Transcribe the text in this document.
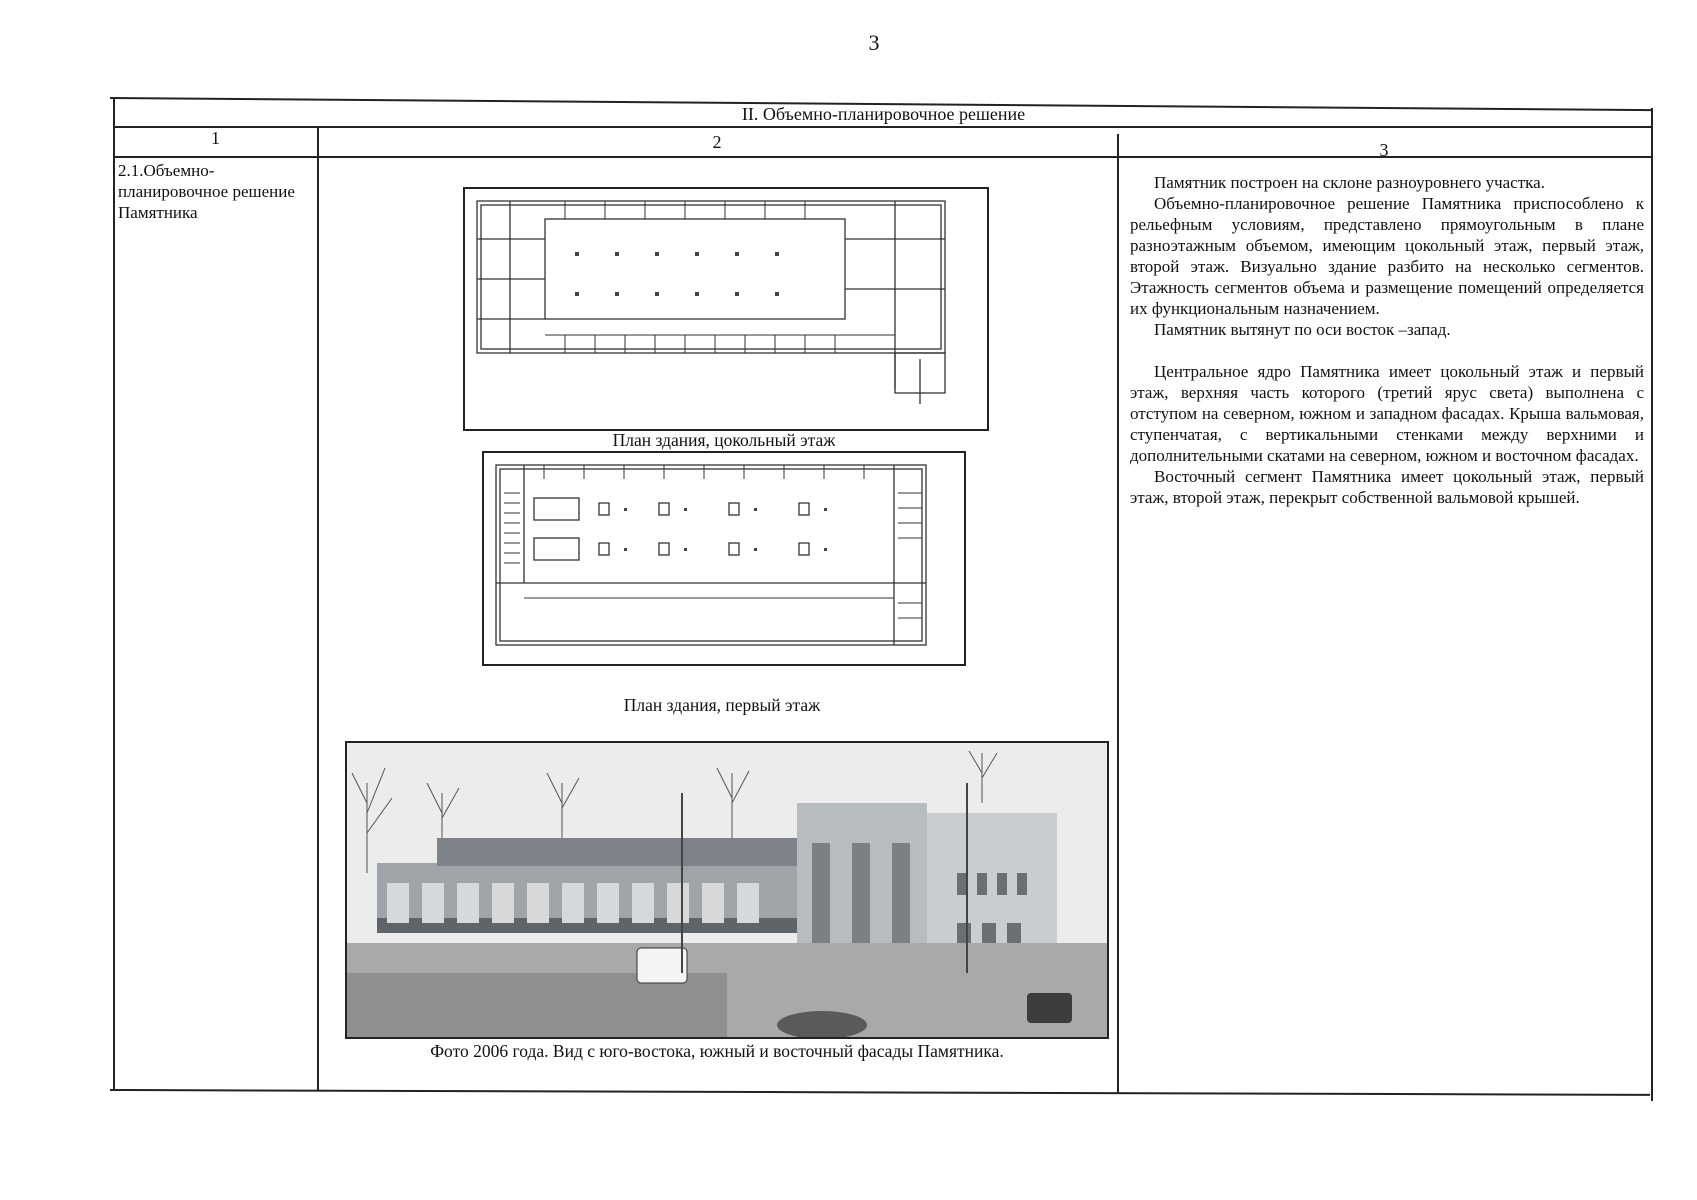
3
II. Объемно-планировочное решение
1	2	3
2.1.Объемно-планировочное решение Памятника
План здания, цокольный этаж
План здания, первый этаж
Фото 2006 года. Вид с юго-востока, южный и восточный фасады Памятника.

Памятник построен на склоне разноуровнего участка.

Объемно-планировочное решение Памятника приспособлено к рельефным условиям, представлено прямоугольным в плане разноэтажным объемом, имеющим цокольный этаж, первый этаж, второй этаж. Визуально здание разбито на несколько сегментов. Этажность сегментов объема и размещение помещений определяется их функциональным назначением.

Памятник вытянут по оси восток –запад.

Центральное ядро Памятника имеет цокольный этаж и первый этаж, верхняя часть которого (третий ярус света) выполнена с отступом на северном, южном и западном фасадах. Крыша вальмовая, ступенчатая, с вертикальными стенками между верхними и дополнительными скатами на северном, южном и восточном фасадах.

Восточный сегмент Памятника имеет цокольный этаж, первый этаж, второй этаж, перекрыт собственной вальмовой крышей.
